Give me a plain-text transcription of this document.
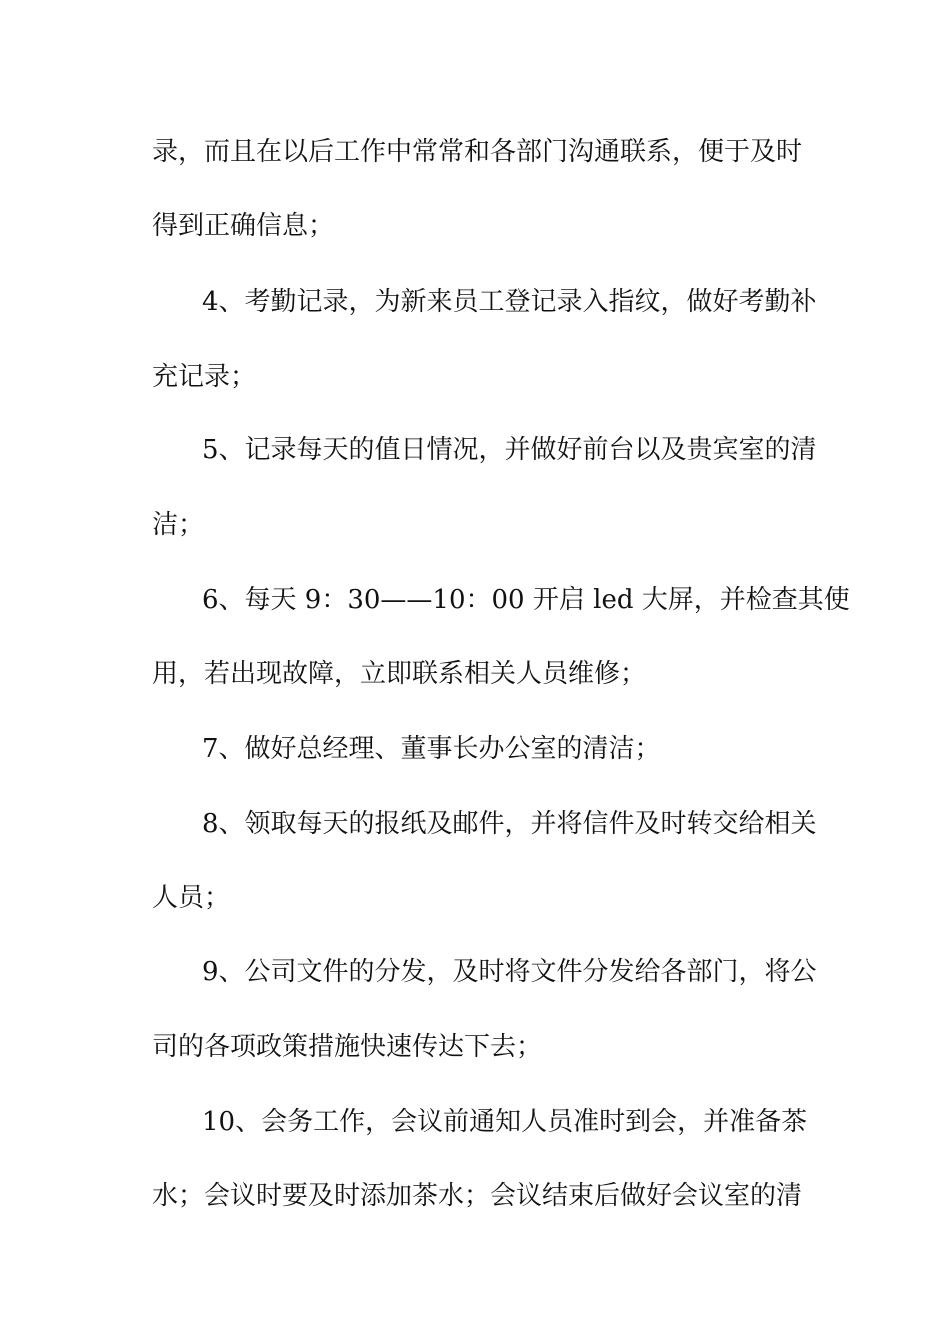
录，而且在以后工作中常常和各部门沟通联系，便于及时
得到正确信息；
4、考勤记录，为新来员工登记录入指纹，做好考勤补
充记录；
5、记录每天的值日情况，并做好前台以及贵宾室的清
洁；
6、每天 9：30——10：00 开启 led 大屏，并检查其使
用，若出现故障，立即联系相关人员维修；
7、做好总经理、董事长办公室的清洁；
8、领取每天的报纸及邮件，并将信件及时转交给相关
人员；
9、公司文件的分发，及时将文件分发给各部门，将公
司的各项政策措施快速传达下去；
10、会务工作，会议前通知人员准时到会，并准备茶
水；会议时要及时添加茶水；会议结束后做好会议室的清
